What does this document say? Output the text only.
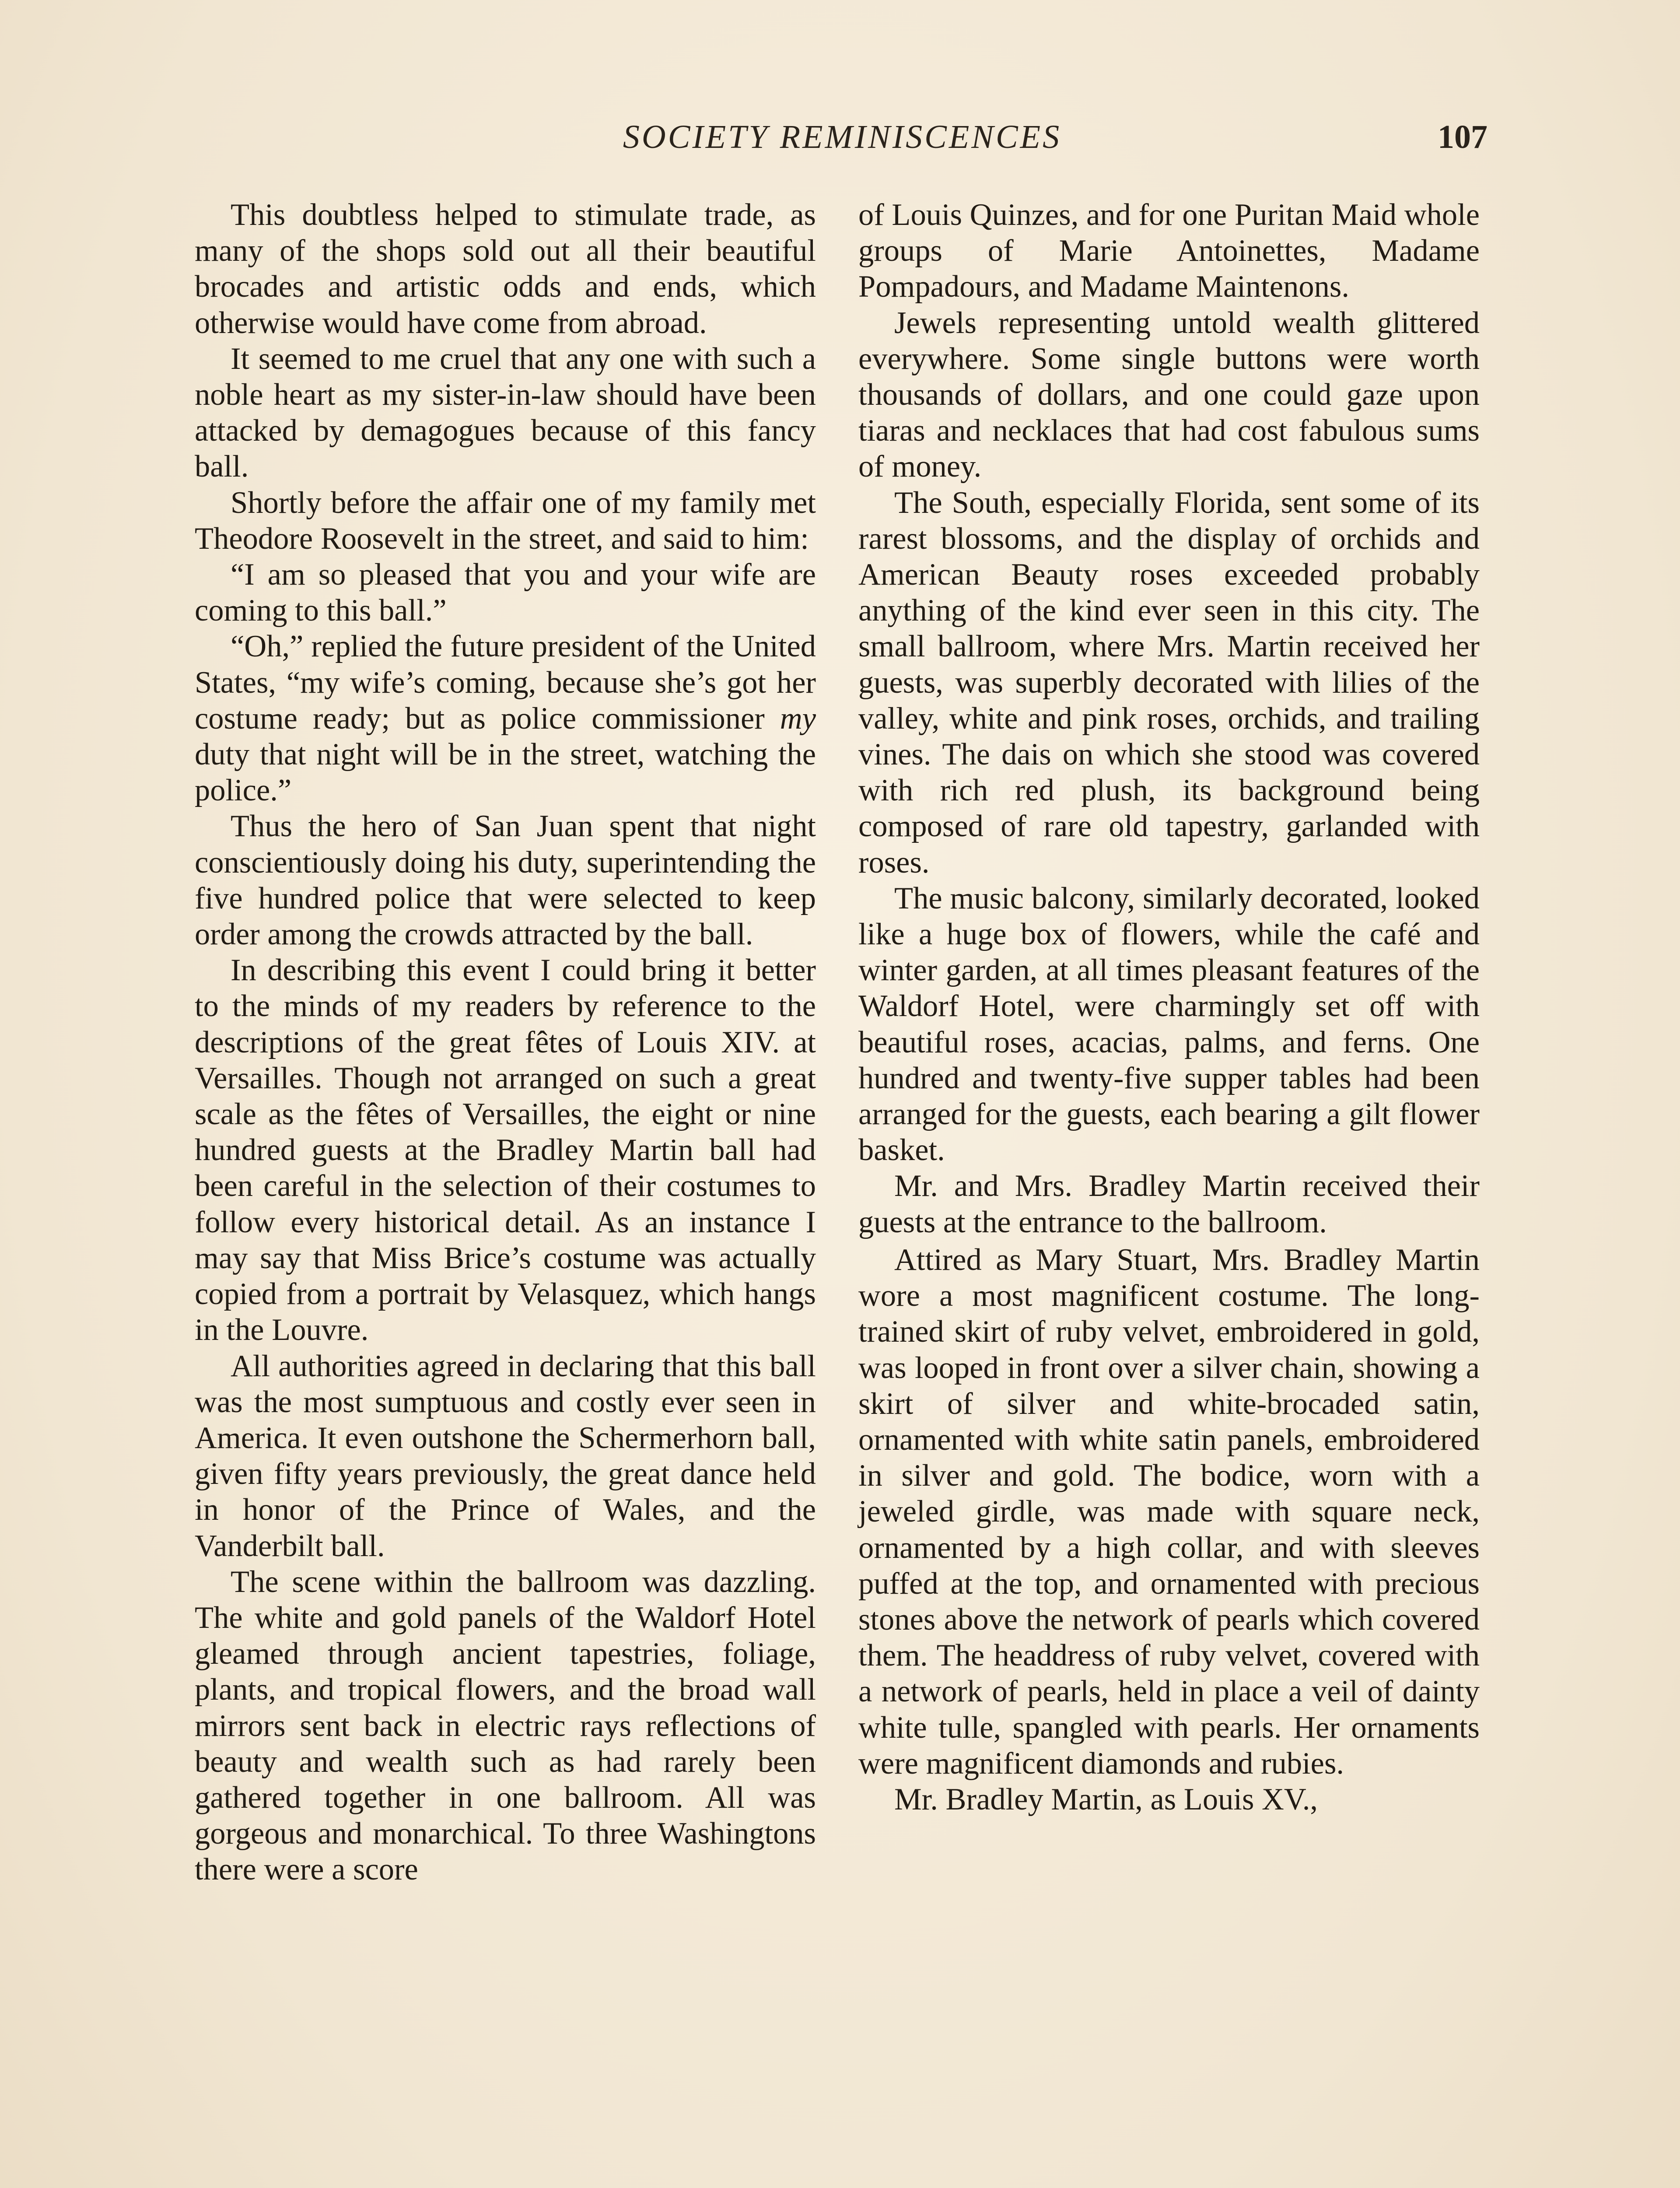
SOCIETY REMINISCENCES	107

This doubtless helped to stimulate trade, as many of the shops sold out all their beautiful brocades and artistic odds and ends, which otherwise would have come from abroad.

It seemed to me cruel that any one with such a noble heart as my sister-in-law should have been attacked by demagogues because of this fancy ball.

Shortly before the affair one of my family met Theodore Roosevelt in the street, and said to him:

“I am so pleased that you and your wife are coming to this ball.”

“Oh,” replied the future president of the United States, “my wife’s coming, because she’s got her costume ready; but as police commissioner my duty that night will be in the street, watching the police.”

Thus the hero of San Juan spent that night conscientiously doing his duty, superintending the five hundred police that were selected to keep order among the crowds attracted by the ball.

In describing this event I could bring it better to the minds of my readers by reference to the descriptions of the great fêtes of Louis XIV. at Versailles. Though not arranged on such a great scale as the fêtes of Versailles, the eight or nine hundred guests at the Bradley Martin ball had been careful in the selection of their costumes to follow every historical detail. As an instance I may say that Miss Brice’s costume was actually copied from a portrait by Velasquez, which hangs in the Louvre.

All authorities agreed in declaring that this ball was the most sumptuous and costly ever seen in America. It even outshone the Schermerhorn ball, given fifty years previously, the great dance held in honor of the Prince of Wales, and the Vanderbilt ball.

The scene within the ballroom was dazzling. The white and gold panels of the Waldorf Hotel gleamed through ancient tapestries, foliage, plants, and tropical flowers, and the broad wall mirrors sent back in electric rays reflections of beauty and wealth such as had rarely been gathered together in one ballroom. All was gorgeous and monarchical. To three Washingtons there were a score

of Louis Quinzes, and for one Puritan Maid whole groups of Marie Antoinettes, Madame Pompadours, and Madame Maintenons.

Jewels representing untold wealth glittered everywhere. Some single buttons were worth thousands of dollars, and one could gaze upon tiaras and necklaces that had cost fabulous sums of money.

The South, especially Florida, sent some of its rarest blossoms, and the display of orchids and American Beauty roses exceeded probably anything of the kind ever seen in this city. The small ballroom, where Mrs. Martin received her guests, was superbly decorated with lilies of the valley, white and pink roses, orchids, and trailing vines. The dais on which she stood was covered with rich red plush, its background being composed of rare old tapestry, garlanded with roses.

The music balcony, similarly decorated, looked like a huge box of flowers, while the café and winter garden, at all times pleasant features of the Waldorf Hotel, were charmingly set off with beautiful roses, acacias, palms, and ferns. One hundred and twenty-five supper tables had been arranged for the guests, each bearing a gilt flower basket.

Mr. and Mrs. Bradley Martin received their guests at the entrance to the ballroom.

Attired as Mary Stuart, Mrs. Bradley Martin wore a most magnificent costume. The long-trained skirt of ruby velvet, embroidered in gold, was looped in front over a silver chain, showing a skirt of silver and white-brocaded satin, ornamented with white satin panels, embroidered in silver and gold. The bodice, worn with a jeweled girdle, was made with square neck, ornamented by a high collar, and with sleeves puffed at the top, and ornamented with precious stones above the network of pearls which covered them. The headdress of ruby velvet, covered with a network of pearls, held in place a veil of dainty white tulle, spangled with pearls. Her ornaments were magnificent diamonds and rubies.

Mr. Bradley Martin, as Louis XV.,
